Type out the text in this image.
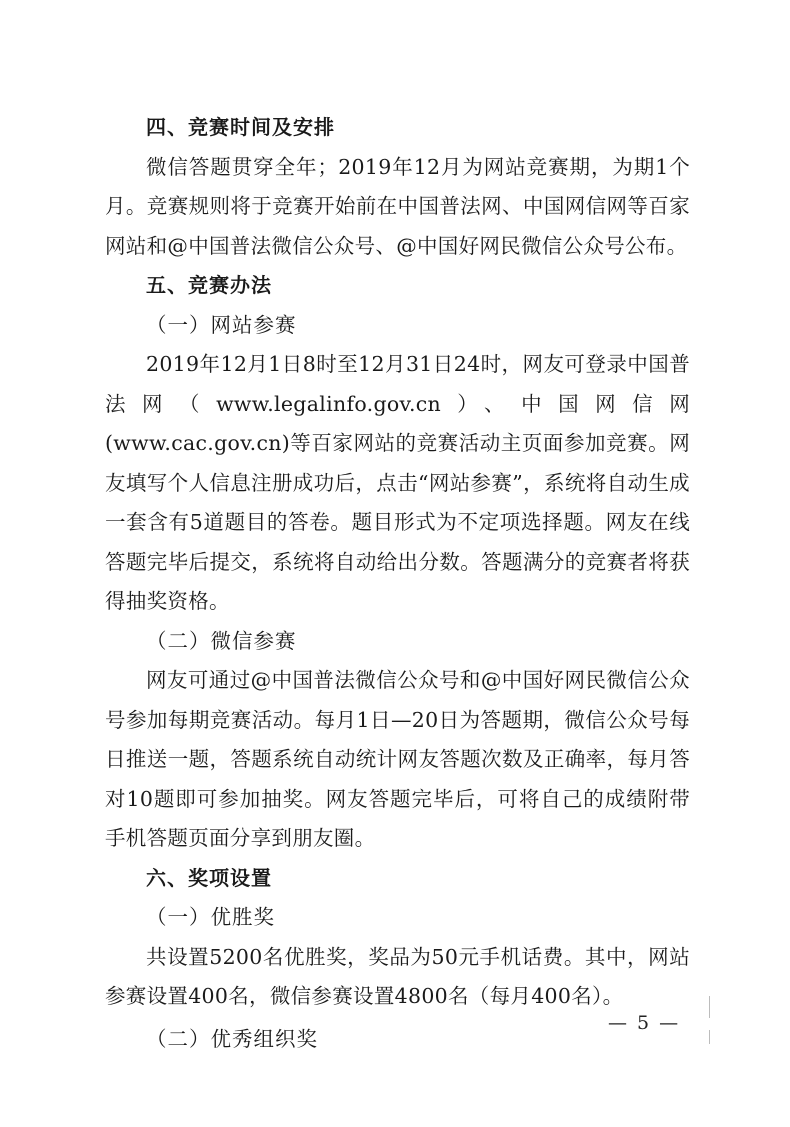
四、竞赛时间及安排

微信答题贯穿全年；2019年12月为网站竞赛期，为期1个月。竞赛规则将于竞赛开始前在中国普法网、中国网信网等百家网站和@中国普法微信公众号、@中国好网民微信公众号公布。

五、竞赛办法

（一）网站参赛

2019年12月1日8时至12月31日24时，网友可登录中国普法网（www.legalinfo.gov.cn）、中国网信网(www.cac.gov.cn)等百家网站的竞赛活动主页面参加竞赛。网友填写个人信息注册成功后，点击“网站参赛”，系统将自动生成一套含有5道题目的答卷。题目形式为不定项选择题。网友在线答题完毕后提交，系统将自动给出分数。答题满分的竞赛者将获得抽奖资格。

（二）微信参赛

网友可通过@中国普法微信公众号和@中国好网民微信公众号参加每期竞赛活动。每月1日—20日为答题期，微信公众号每日推送一题，答题系统自动统计网友答题次数及正确率，每月答对10题即可参加抽奖。网友答题完毕后，可将自己的成绩附带手机答题页面分享到朋友圈。

六、奖项设置

（一）优胜奖

共设置5200名优胜奖，奖品为50元手机话费。其中，网站参赛设置400名，微信参赛设置4800名（每月400名）。

（二）优秀组织奖

— 5 —
